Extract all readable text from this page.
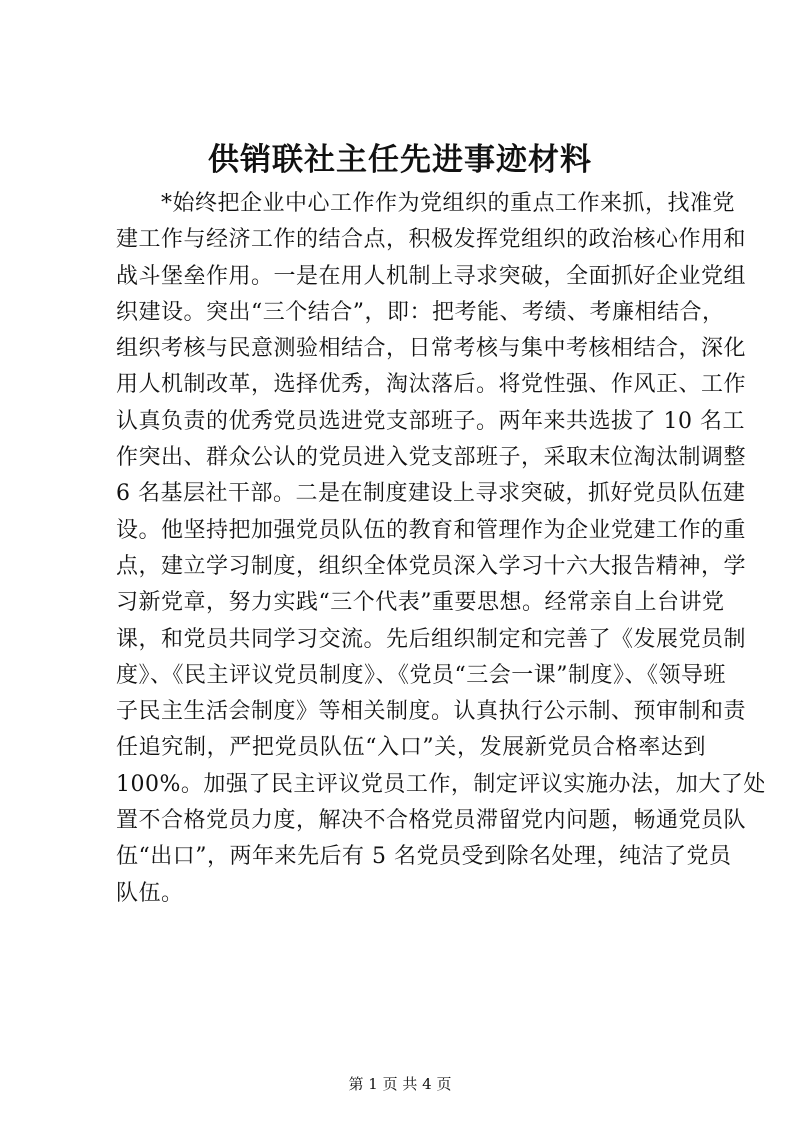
供销联社主任先进事迹材料
　　*始终把企业中心工作作为党组织的重点工作来抓，找准党
建工作与经济工作的结合点，积极发挥党组织的政治核心作用和
战斗堡垒作用。一是在用人机制上寻求突破，全面抓好企业党组
织建设。突出“三个结合”，即：把考能、考绩、考廉相结合，
组织考核与民意测验相结合，日常考核与集中考核相结合，深化
用人机制改革，选择优秀，淘汰落后。将党性强、作风正、工作
认真负责的优秀党员选进党支部班子。两年来共选拔了 10 名工
作突出、群众公认的党员进入党支部班子，采取末位淘汰制调整
6 名基层社干部。二是在制度建设上寻求突破，抓好党员队伍建
设。他坚持把加强党员队伍的教育和管理作为企业党建工作的重
点，建立学习制度，组织全体党员深入学习十六大报告精神，学
习新党章，努力实践“三个代表”重要思想。经常亲自上台讲党
课，和党员共同学习交流。先后组织制定和完善了《发展党员制
度》、《民主评议党员制度》、《党员“三会一课”制度》、《领导班
子民主生活会制度》等相关制度。认真执行公示制、预审制和责
任追究制，严把党员队伍“入口”关，发展新党员合格率达到
100%。加强了民主评议党员工作，制定评议实施办法，加大了处
置不合格党员力度，解决不合格党员滞留党内问题，畅通党员队
伍“出口”，两年来先后有 5 名党员受到除名处理，纯洁了党员
队伍。
第 1 页 共 4 页
